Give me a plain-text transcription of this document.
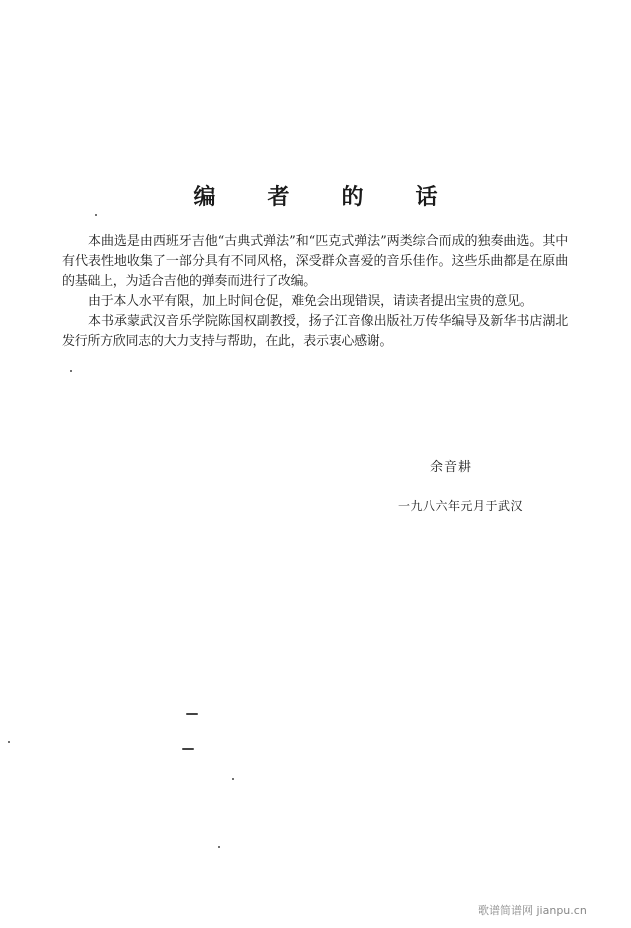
编 者 的 话

本曲选是由西班牙吉他“古典式弹法”和“匹克式弹法”两类综合而成的独奏曲选。其中有代表性地收集了一部分具有不同风格，深受群众喜爱的音乐佳作。这些乐曲都是在原曲的基础上，为适合吉他的弹奏而进行了改编。

由于本人水平有限，加上时间仓促，难免会出现错误，请读者提出宝贵的意见。

本书承蒙武汉音乐学院陈国权副教授，扬子江音像出版社万传华编导及新华书店湖北发行所方欣同志的大力支持与帮助，在此，表示衷心感谢。

余音耕
一九八六年元月于武汉
歌谱简谱网 jianpu.cn
